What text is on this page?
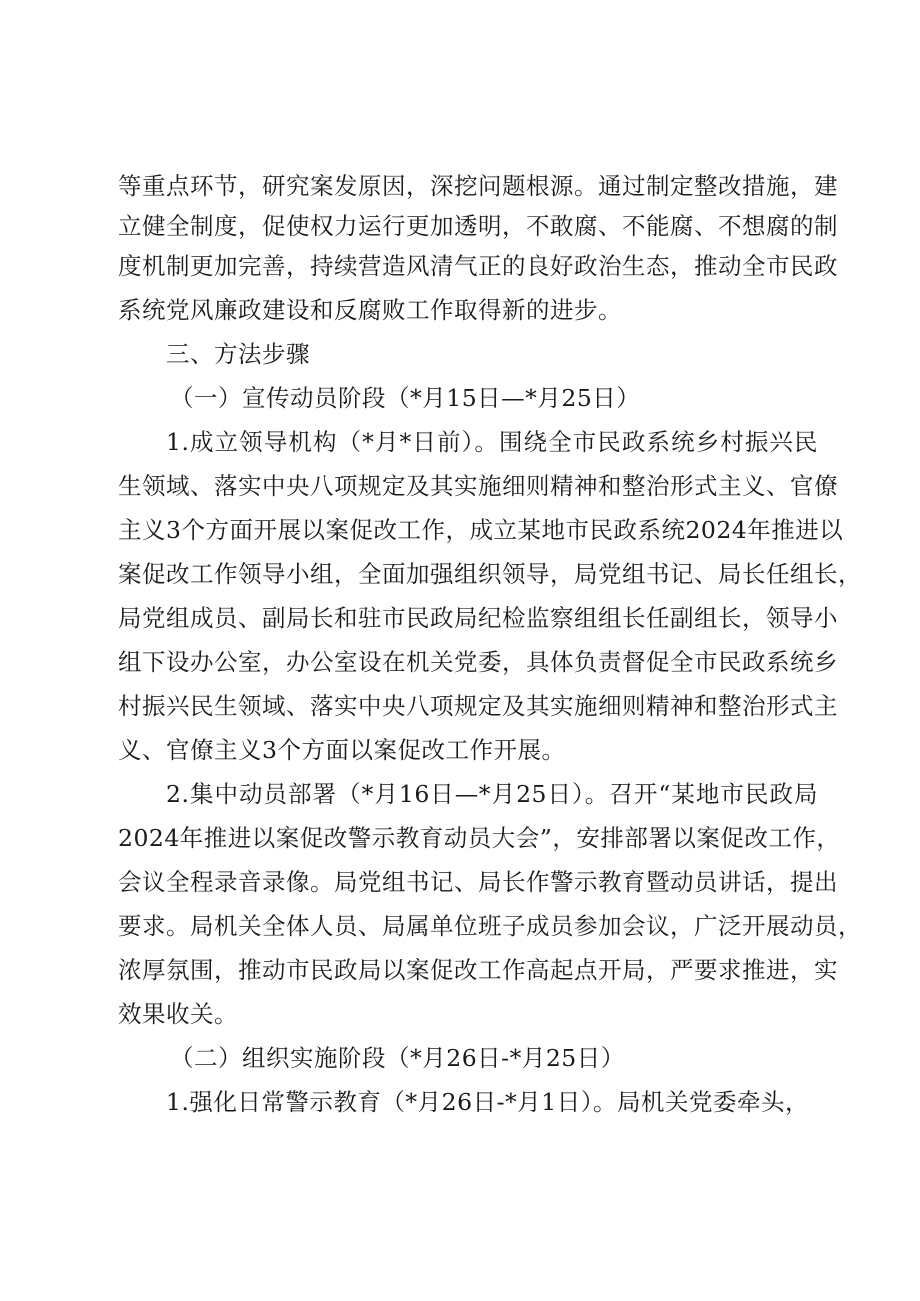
等重点环节，研究案发原因，深挖问题根源。通过制定整改措施，建
立健全制度，促使权力运行更加透明，不敢腐、不能腐、不想腐的制
度机制更加完善，持续营造风清气正的良好政治生态，推动全市民政
系统党风廉政建设和反腐败工作取得新的进步。
三、方法步骤
（一）宣传动员阶段（*月15日—*月25日）
1.成立领导机构（*月*日前）。围绕全市民政系统乡村振兴民
生领域、落实中央八项规定及其实施细则精神和整治形式主义、官僚
主义3个方面开展以案促改工作，成立某地市民政系统2024年推进以
案促改工作领导小组，全面加强组织领导，局党组书记、局长任组长，
局党组成员、副局长和驻市民政局纪检监察组组长任副组长，领导小
组下设办公室，办公室设在机关党委，具体负责督促全市民政系统乡
村振兴民生领域、落实中央八项规定及其实施细则精神和整治形式主
义、官僚主义3个方面以案促改工作开展。
2.集中动员部署（*月16日—*月25日）。召开“某地市民政局
2024年推进以案促改警示教育动员大会”，安排部署以案促改工作，
会议全程录音录像。局党组书记、局长作警示教育暨动员讲话，提出
要求。局机关全体人员、局属单位班子成员参加会议，广泛开展动员，
浓厚氛围，推动市民政局以案促改工作高起点开局，严要求推进，实
效果收关。
（二）组织实施阶段（*月26日-*月25日）
1.强化日常警示教育（*月26日-*月1日）。局机关党委牵头，
